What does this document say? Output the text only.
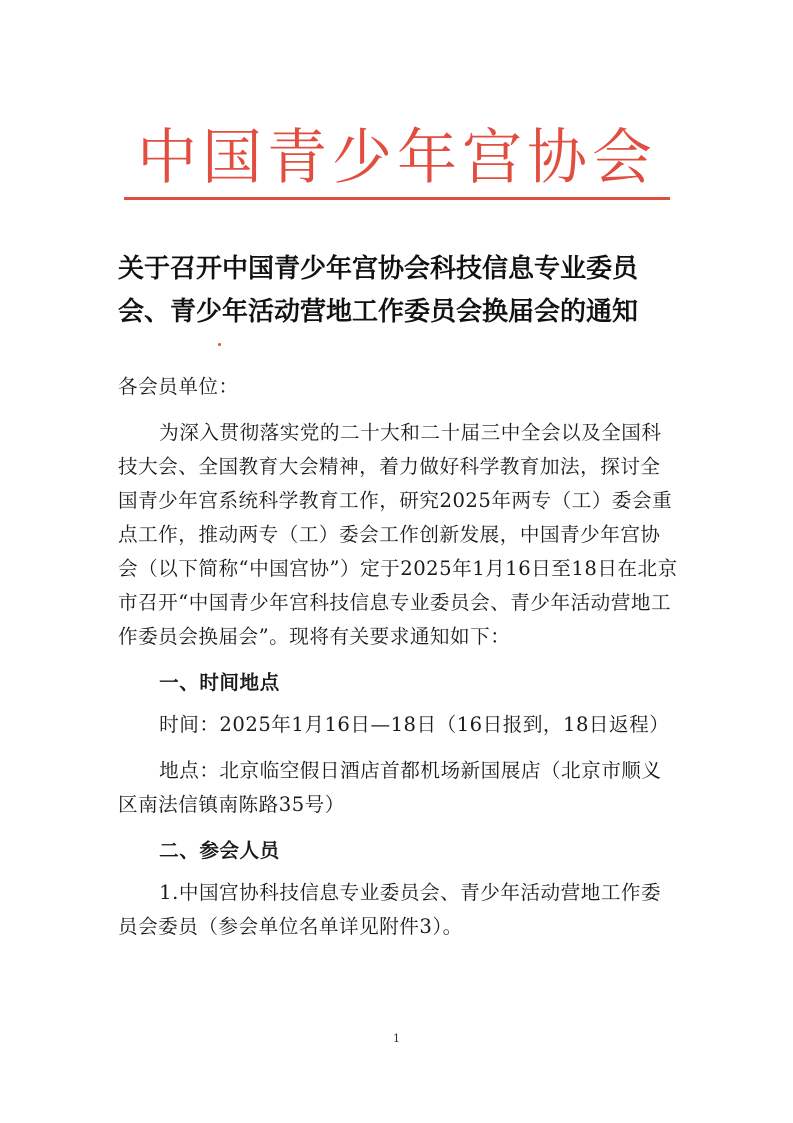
中国青少年宫协会
关于召开中国青少年宫协会科技信息专业委员
会、青少年活动营地工作委员会换届会的通知

各会员单位：

为深入贯彻落实党的二十大和二十届三中全会以及全国科技大会、全国教育大会精神，着力做好科学教育加法，探讨全国青少年宫系统科学教育工作，研究2025年两专（工）委会重点工作，推动两专（工）委会工作创新发展，中国青少年宫协会（以下简称“中国宫协”）定于2025年1月16日至18日在北京市召开“中国青少年宫科技信息专业委员会、青少年活动营地工作委员会换届会”。现将有关要求通知如下：

一、时间地点

时间：2025年1月16日—18日（16日报到，18日返程）

地点：北京临空假日酒店首都机场新国展店（北京市顺义区南法信镇南陈路35号）

二、参会人员

1.中国宫协科技信息专业委员会、青少年活动营地工作委员会委员（参会单位名单详见附件3）。

1
